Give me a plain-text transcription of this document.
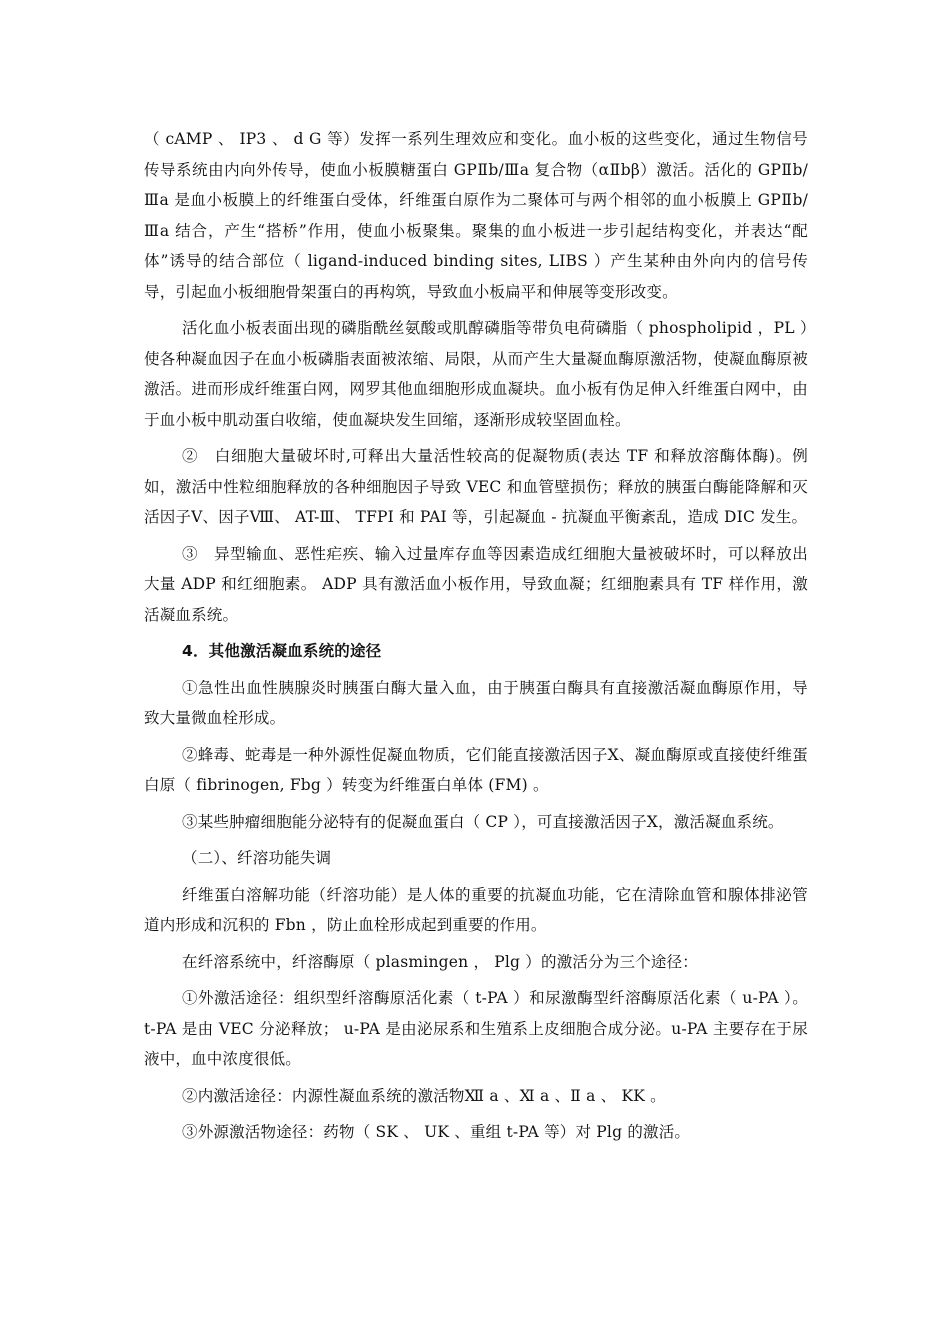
（ cAMP 、 IP3 、 d G 等）发挥一系列生理效应和变化。血小板的这些变化，通过生物信号传导系统由内向外传导，使血小板膜糖蛋白 GPⅡb/Ⅲa 复合物（αⅡbβ）激活。活化的 GPⅡb/Ⅲa 是血小板膜上的纤维蛋白受体，纤维蛋白原作为二聚体可与两个相邻的血小板膜上 GPⅡb/Ⅲa 结合，产生“搭桥”作用，使血小板聚集。聚集的血小板进一步引起结构变化，并表达“配体”诱导的结合部位（ ligand-induced binding sites, LIBS ）产生某种由外向内的信号传导，引起血小板细胞骨架蛋白的再构筑，导致血小板扁平和伸展等变形改变。

活化血小板表面出现的磷脂酰丝氨酸或肌醇磷脂等带负电荷磷脂（ phospholipid ，PL ）使各种凝血因子在血小板磷脂表面被浓缩、局限，从而产生大量凝血酶原激活物，使凝血酶原被激活。进而形成纤维蛋白网，网罗其他血细胞形成血凝块。血小板有伪足伸入纤维蛋白网中，由于血小板中肌动蛋白收缩，使血凝块发生回缩，逐渐形成较坚固血栓。

②　白细胞大量破坏时,可释出大量活性较高的促凝物质(表达 TF 和释放溶酶体酶)。例如，激活中性粒细胞释放的各种细胞因子导致 VEC 和血管壁损伤；释放的胰蛋白酶能降解和灭活因子Ⅴ、因子Ⅷ、 AT-Ⅲ、 TFPI 和 PAI 等，引起凝血 - 抗凝血平衡紊乱，造成 DIC 发生。

③　异型输血、恶性疟疾、输入过量库存血等因素造成红细胞大量被破坏时，可以释放出大量 ADP 和红细胞素。 ADP 具有激活血小板作用，导致血凝；红细胞素具有 TF 样作用，激活凝血系统。

4．其他激活凝血系统的途径

①急性出血性胰腺炎时胰蛋白酶大量入血，由于胰蛋白酶具有直接激活凝血酶原作用，导致大量微血栓形成。

②蜂毒、蛇毒是一种外源性促凝血物质，它们能直接激活因子Ⅹ、凝血酶原或直接使纤维蛋白原（ fibrinogen, Fbg ）转变为纤维蛋白单体 (FM) 。

③某些肿瘤细胞能分泌特有的促凝血蛋白（ CP ），可直接激活因子Ⅹ，激活凝血系统。

（二）、纤溶功能失调

纤维蛋白溶解功能（纤溶功能）是人体的重要的抗凝血功能，它在清除血管和腺体排泌管道内形成和沉积的 Fbn ，防止血栓形成起到重要的作用。

在纤溶系统中，纤溶酶原（ plasmingen ， Plg ）的激活分为三个途径：

①外激活途径：组织型纤溶酶原活化素（ t-PA ）和尿激酶型纤溶酶原活化素（ u-PA ）。t-PA 是由 VEC 分泌释放； u-PA 是由泌尿系和生殖系上皮细胞合成分泌。u-PA 主要存在于尿液中，血中浓度很低。

②内激活途径：内源性凝血系统的激活物Ⅻ a 、Ⅺ a 、Ⅱ a 、 KK 。

③外源激活物途径：药物（ SK 、 UK 、重组 t-PA 等）对 Plg 的激活。
